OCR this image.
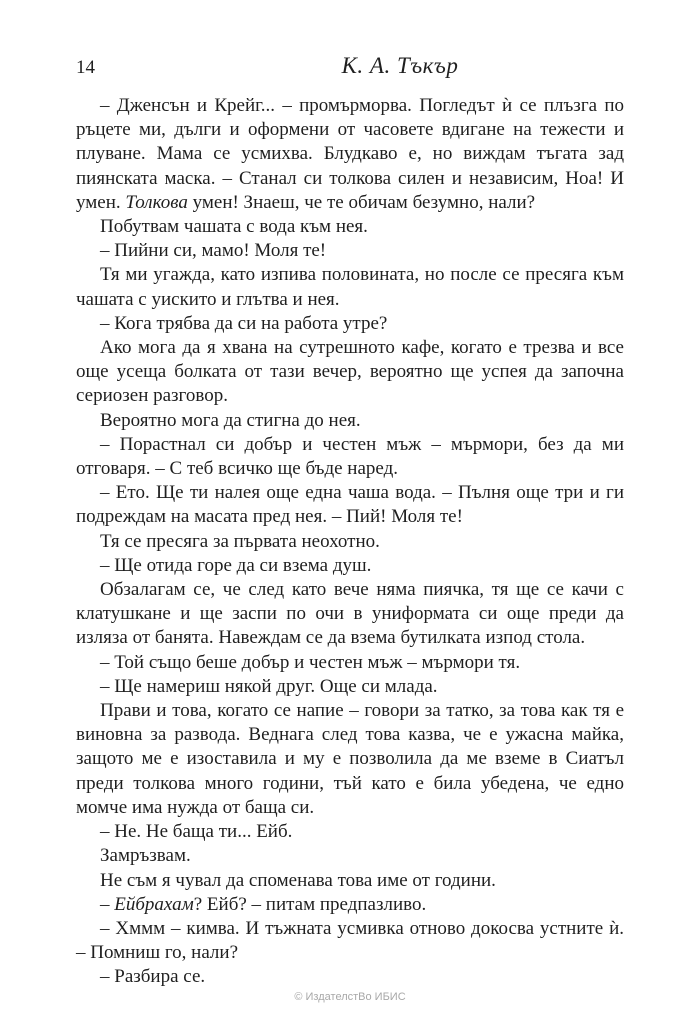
14	К. А. Тъкър

– Дженсън и Крейг... – промърморва. Погледът ѝ се плъзга по ръцете ми, дълги и оформени от часовете вдигане на тежести и плуване. Мама се усмихва. Блудкаво е, но виждам тъгата зад пиянската маска. – Станал си толкова силен и независим, Ноа! И умен. Толкова умен! Знаеш, че те обичам безумно, нали?

Побутвам чашата с вода към нея.

– Пийни си, мамо! Моля те!

Тя ми угажда, като изпива половината, но после се пресяга към чашата с уискито и глътва и нея.

– Кога трябва да си на работа утре?

Ако мога да я хвана на сутрешното кафе, когато е трезва и все още усеща болката от тази вечер, вероятно ще успея да започна сериозен разговор.

Вероятно мога да стигна до нея.

– Порастнал си добър и честен мъж – мърмори, без да ми отговаря. – С теб всичко ще бъде наред.

– Ето. Ще ти налея още една чаша вода. – Пълня още три и ги подреждам на масата пред нея. – Пий! Моля те!

Тя се пресяга за първата неохотно.

– Ще отида горе да си взема душ.

Обзалагам се, че след като вече няма пиячка, тя ще се качи с клатушкане и ще заспи по очи в униформата си още преди да изляза от банята. Навеждам се да взема бутилката изпод стола.

– Той също беше добър и честен мъж – мърмори тя.

– Ще намериш някой друг. Още си млада.

Прави и това, когато се напие – говори за татко, за това как тя е виновна за развода. Веднага след това казва, че е ужасна майка, защото ме е изоставила и му е позволила да ме вземе в Сиатъл преди толкова много години, тъй като е била убедена, че едно момче има нужда от баща си.

– Не. Не баща ти... Ейб.

Замръзвам.

Не съм я чувал да споменава това име от години.

– Ейбрахам? Ейб? – питам предпазливо.

– Хммм – кимва. И тъжната усмивка отново докосва устните ѝ. – Помниш го, нали?

– Разбира се.

© ИздателстВо ИБИС
